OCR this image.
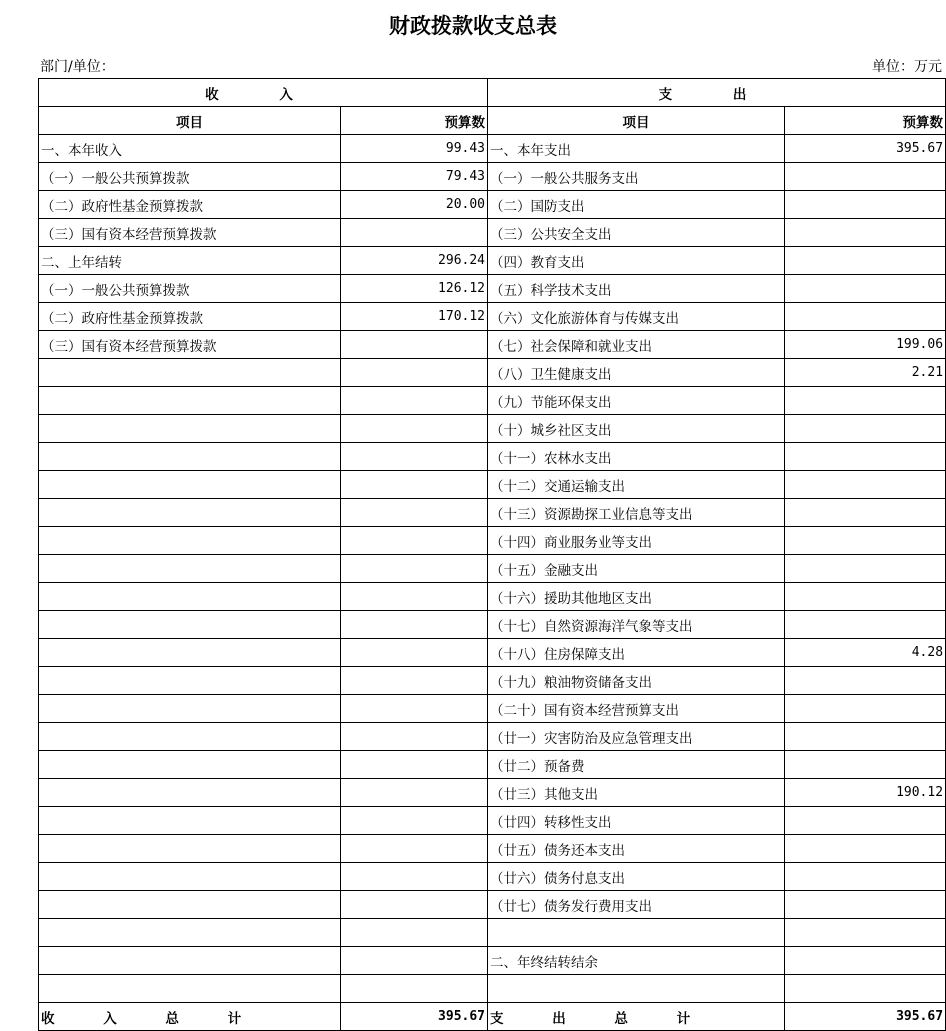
财政拨款收支总表
部门/单位：	单位：万元
收 入		支 出	
项目	预算数	项目	预算数
一、本年收入	99.43	一、本年支出	395.67
（一）一般公共预算拨款	79.43	（一）一般公共服务支出	
（二）政府性基金预算拨款	20.00	（二）国防支出	
（三）国有资本经营预算拨款		（三）公共安全支出	
二、上年结转	296.24	（四）教育支出	
（一）一般公共预算拨款	126.12	（五）科学技术支出	
（二）政府性基金预算拨款	170.12	（六）文化旅游体育与传媒支出	
（三）国有资本经营预算拨款		（七）社会保障和就业支出	199.06
		（八）卫生健康支出	2.21
		（九）节能环保支出	
		（十）城乡社区支出	
		（十一）农林水支出	
		（十二）交通运输支出	
		（十三）资源勘探工业信息等支出	
		（十四）商业服务业等支出	
		（十五）金融支出	
		（十六）援助其他地区支出	
		（十七）自然资源海洋气象等支出	
		（十八）住房保障支出	4.28
		（十九）粮油物资储备支出	
		（二十）国有资本经营预算支出	
		（廿一）灾害防治及应急管理支出	
		（廿二）预备费	
		（廿三）其他支出	190.12
		（廿四）转移性支出	
		（廿五）债务还本支出	
		（廿六）债务付息支出	
		（廿七）债务发行费用支出	

		二、年终结转结余	

收 入 总 计	395.67	支 出 总 计	395.67
